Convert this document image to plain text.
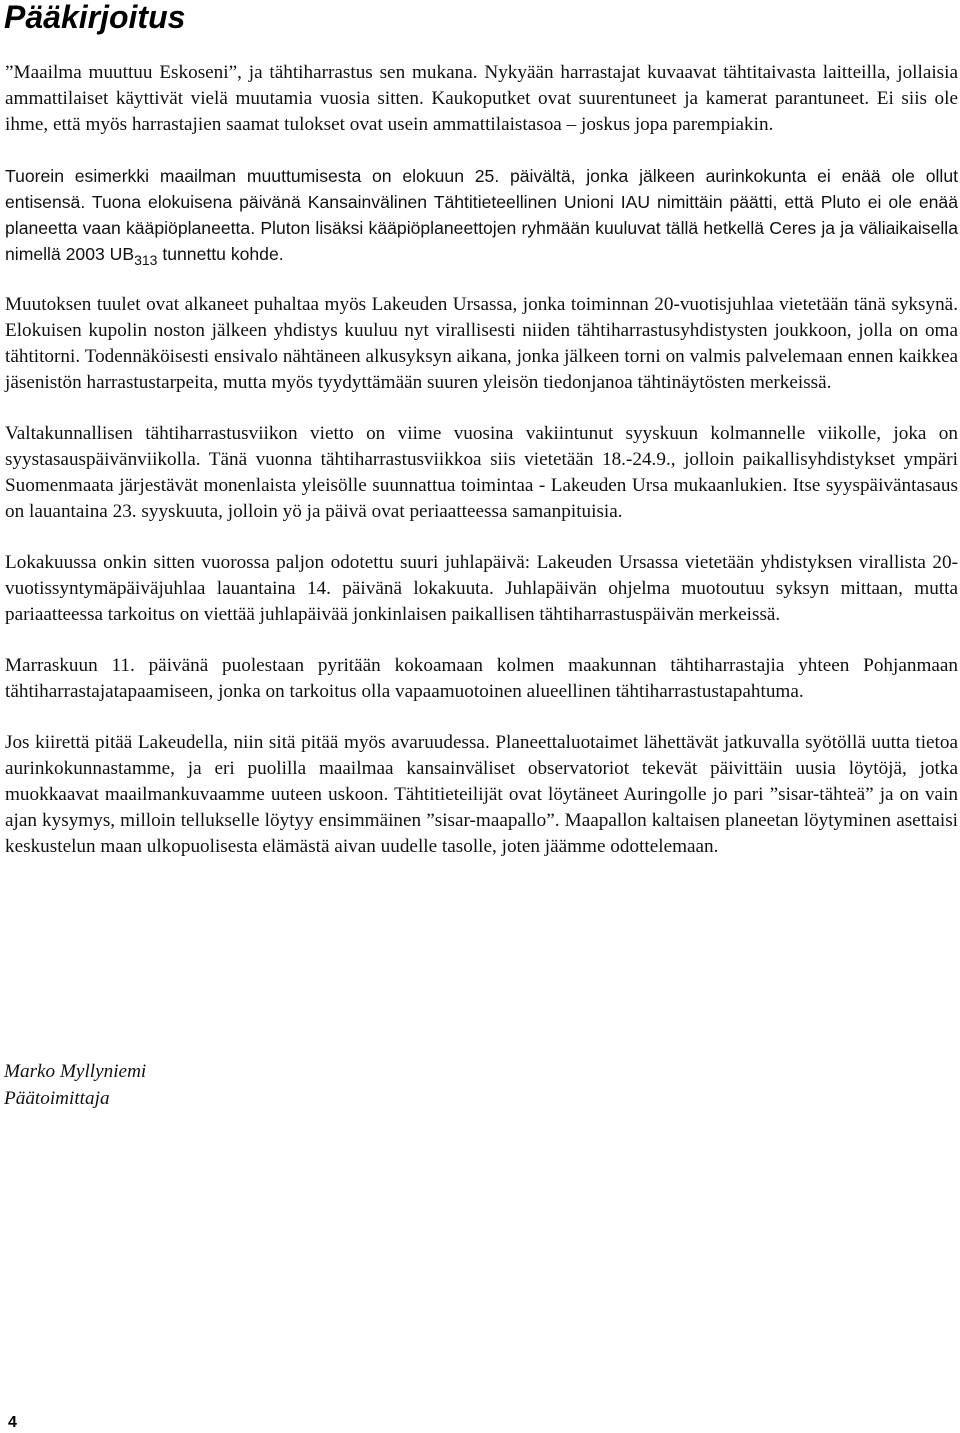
Pääkirjoitus

”Maailma muuttuu Eskoseni”, ja tähtiharrastus sen mukana. Nykyään harrastajat kuvaavat tähtitaivasta laitteilla, jollaisia ammattilaiset käyttivät vielä muutamia vuosia sitten. Kaukoputket ovat suurentuneet ja kamerat parantuneet. Ei siis ole ihme, että myös harrastajien saamat tulokset ovat usein ammattilaistasoa – joskus jopa parempiakin.

Tuorein esimerkki maailman muuttumisesta on elokuun 25. päivältä, jonka jälkeen aurinkokunta ei enää ole ollut entisensä. Tuona elokuisena päivänä Kansainvälinen Tähtitieteellinen Unioni IAU nimittäin päätti, että Pluto ei ole enää planeetta vaan kääpiöplaneetta. Pluton lisäksi kääpiöplaneettojen ryhmään kuuluvat tällä hetkellä Ceres ja ja väliaikaisella nimellä 2003 $UB_{313}$ tunnettu kohde.

Muutoksen tuulet ovat alkaneet puhaltaa myös Lakeuden Ursassa, jonka toiminnan 20-vuotisjuhlaa vietetään tänä syksynä. Elokuisen kupolin noston jälkeen yhdistys kuuluu nyt virallisesti niiden tähtiharrastusyhdistysten joukkoon, jolla on oma tähtitorni. Todennäköisesti ensivalo nähtäneen alkusyksyn aikana, jonka jälkeen torni on valmis palvelemaan ennen kaikkea jäsenistön harrastustarpeita, mutta myös tyydyttämään suuren yleisön tiedonjanoa tähtinäytösten merkeissä.

Valtakunnallisen tähtiharrastusviikon vietto on viime vuosina vakiintunut syyskuun kolmannelle viikolle, joka on syystasauspäivänviikolla. Tänä vuonna tähtiharrastusviikkoa siis vietetään 18.-24.9., jolloin paikallisyhdistykset ympäri Suomenmaata järjestävät monenlaista yleisölle suunnattua toimintaa - Lakeuden Ursa mukaanlukien. Itse syyspäiväntasaus on lauantaina 23. syyskuuta, jolloin yö ja päivä ovat periaatteessa samanpituisia.

Lokakuussa onkin sitten vuorossa paljon odotettu suuri juhlapäivä: Lakeuden Ursassa vietetään yhdistyksen virallista 20-vuotissyntymäpäiväjuhlaa lauantaina 14. päivänä lokakuuta. Juhlapäivän ohjelma muotoutuu syksyn mittaan, mutta pariaatteessa tarkoitus on viettää juhlapäivää jonkinlaisen paikallisen tähtiharrastuspäivän merkeissä.

Marraskuun 11. päivänä puolestaan pyritään kokoamaan kolmen maakunnan tähtiharrastajia yhteen Pohjanmaan tähtiharrastajatapaamiseen, jonka on tarkoitus olla vapaamuotoinen alueellinen tähtiharrastustapahtuma.

Jos kiirettä pitää Lakeudella, niin sitä pitää myös avaruudessa. Planeettaluotaimet lähettävät jatkuvalla syötöllä uutta tietoa aurinkokunnastamme, ja eri puolilla maailmaa kansainväliset observatoriot tekevät päivittäin uusia löytöjä, jotka muokkaavat maailmankuvaamme uuteen uskoon. Tähtitieteilijät ovat löytäneet Auringolle jo pari ”sisar-tähteä” ja on vain ajan kysymys, milloin tellukselle löytyy ensimmäinen ”sisar-maapallo”. Maapallon kaltaisen planeetan löytyminen asettaisi keskustelun maan ulkopuolisesta elämästä aivan uudelle tasolle, joten jäämme odottelemaan.

Marko Myllyniemi
Päätoimittaja
4
